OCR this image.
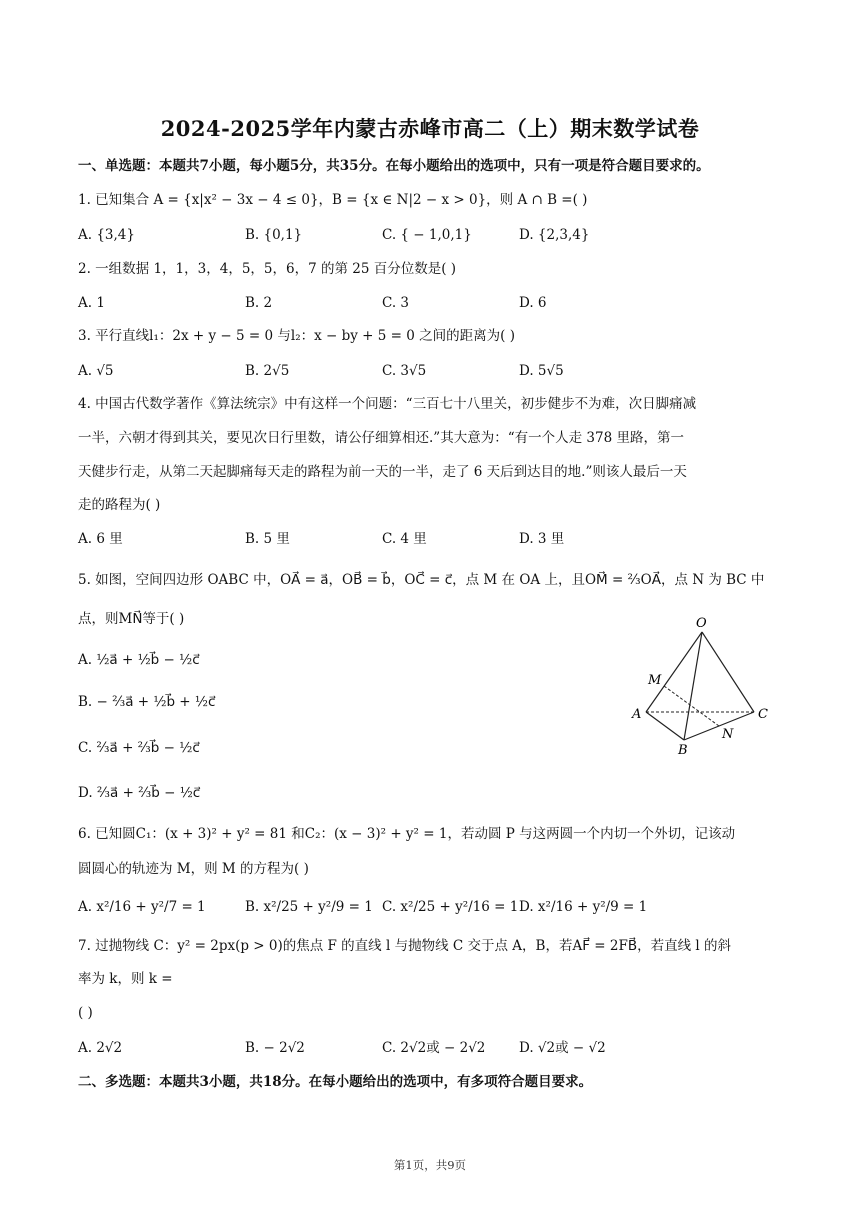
2024-2025学年内蒙古赤峰市高二（上）期末数学试卷
一、单选题：本题共7小题，每小题5分，共35分。在每小题给出的选项中，只有一项是符合题目要求的。
1. 已知集合 A = {x|x² − 3x − 4 ≤ 0}，B = {x ∈ N|2 − x > 0}，则 A ∩ B =( )
A. {3,4}	B. {0,1}	C. { − 1,0,1}	D. {2,3,4}
2. 一组数据 1，1，3，4，5，5，6，7 的第 25 百分位数是( )
A. 1	B. 2	C. 3	D. 6
3. 平行直线l₁：2x + y − 5 = 0 与l₂：x − by + 5 = 0 之间的距离为( )
A. √5	B. 2√5	C. 3√5	D. 5√5
4. 中国古代数学著作《算法统宗》中有这样一个问题：“三百七十八里关，初步健步不为难，次日脚痛减
一半，六朝才得到其关，要见次日行里数，请公仔细算相还.”其大意为：“有一个人走 378 里路，第一
天健步行走，从第二天起脚痛每天走的路程为前一天的一半，走了 6 天后到达目的地.”则该人最后一天
走的路程为( )
A. 6 里	B. 5 里	C. 4 里	D. 3 里
5. 如图，空间四边形 OABC 中，OA⃗ = a⃗，OB⃗ = b⃗，OC⃗ = c⃗，点 M 在 OA 上，且OM⃗ = ⅔OA⃗，点 N 为 BC 中
点，则MN⃗等于( )
A. ½a⃗ + ½b⃗ − ½c⃗
B. − ⅔a⃗ + ½b⃗ + ½c⃗
C. ⅔a⃗ + ⅔b⃗ − ½c⃗
D. ⅔a⃗ + ⅔b⃗ − ½c⃗
O
M
A
B
C
N
6. 已知圆C₁：(x + 3)² + y² = 81 和C₂：(x − 3)² + y² = 1，若动圆 P 与这两圆一个内切一个外切，记该动
圆圆心的轨迹为 M，则 M 的方程为( )
A. x²/16 + y²/7 = 1	B. x²/25 + y²/9 = 1 C. x²/25 + y²/16 = 1 D. x²/16 + y²/9 = 1
7. 过抛物线 C：y² = 2px(p > 0)的焦点 F 的直线 l 与抛物线 C 交于点 A，B，若AF⃗ = 2FB⃗，若直线 l 的斜
率为 k，则 k =
( )
A. 2√2	B. − 2√2	C. 2√2或 − 2√2 D. √2或 − √2
二、多选题：本题共3小题，共18分。在每小题给出的选项中，有多项符合题目要求。
第1页，共9页
